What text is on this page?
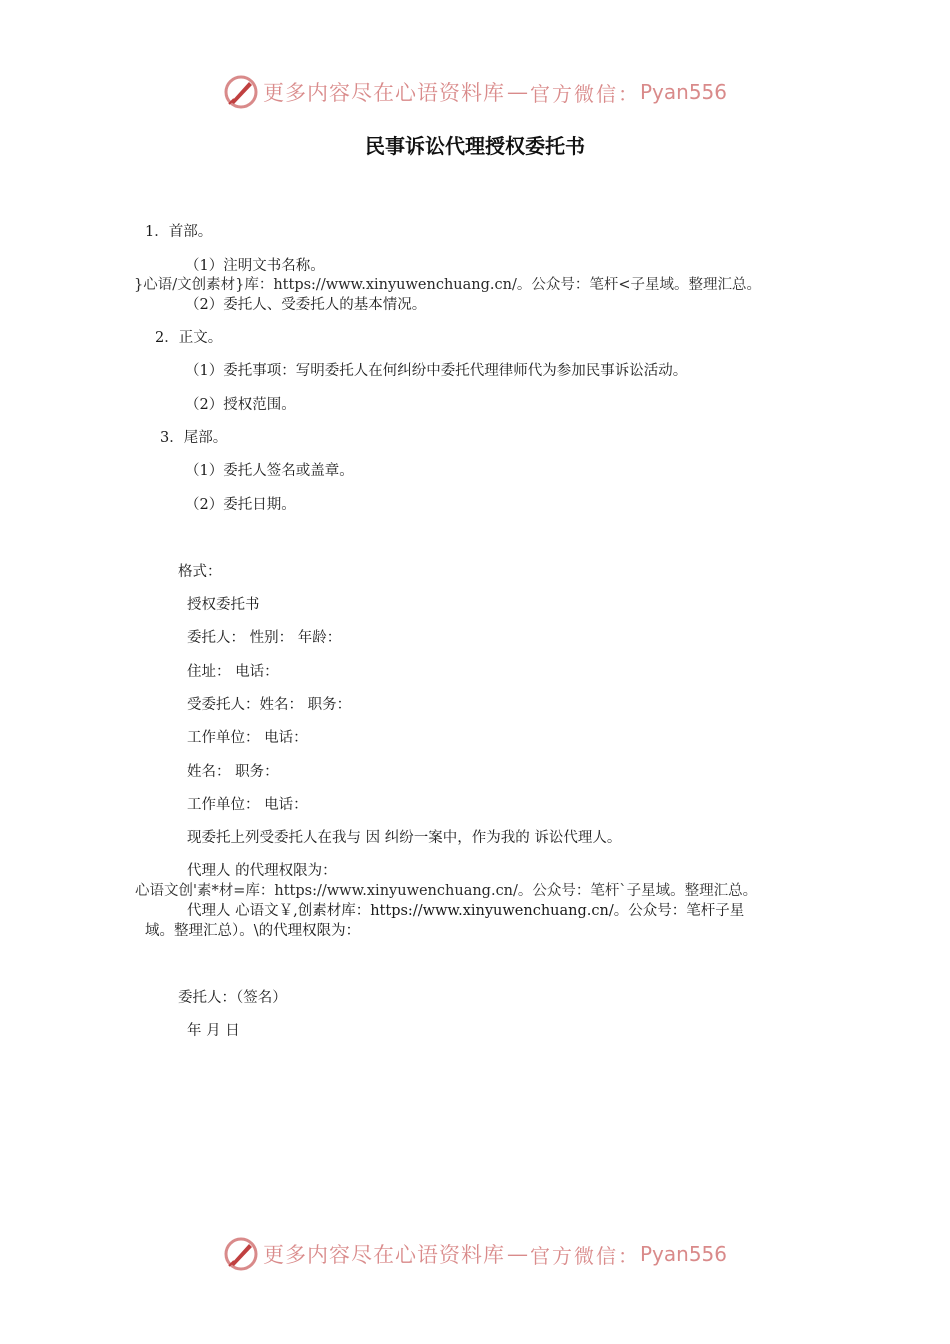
更多内容尽在心语资料库 — 官方微信： Pyan556
民事诉讼代理授权委托书
1．首部。
（1）注明文书名称。
}心语/文创素材}库：https://www.xinyuwenchuang.cn/。公众号：笔杆<子星域。整理汇总。
（2）委托人、受委托人的基本情况。
2．正文。
（1）委托事项：写明委托人在何纠纷中委托代理律师代为参加民事诉讼活动。
（2）授权范围。
3．尾部。
（1）委托人签名或盖章。
（2）委托日期。
格式：
授权委托书
委托人： 性别： 年龄：
住址： 电话：
受委托人：姓名： 职务：
工作单位： 电话：
姓名： 职务：
工作单位： 电话：
现委托上列受委托人在我与 因 纠纷一案中，作为我的 诉讼代理人。
代理人 的代理权限为：
心语文创'素*材=库：https://www.xinyuwenchuang.cn/。公众号：笔杆`子星域。整理汇总。
代理人 心语文￥,创素材库：https://www.xinyuwenchuang.cn/。公众号：笔杆子星
域。整理汇总）。\的代理权限为：
委托人：（签名）
年 月 日
更多内容尽在心语资料库 — 官方微信： Pyan556
